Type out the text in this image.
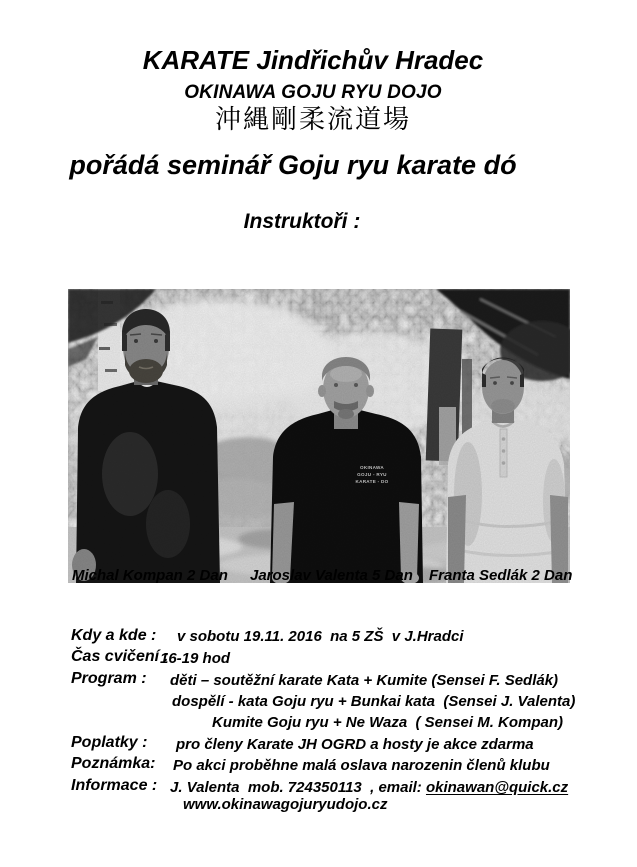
KARATE Jindřichův Hradec
OKINAWA GOJU RYU DOJO
沖縄剛柔流道場
pořádá seminář Goju ryu karate dó
Instruktoři :

OKINAWA
GOJU - RYU
KARATE - DO

Michal Kompan 2 Dan Jaroslav Valenta 5 Dan Franta Sedlák 2 Dan
Kdy a kde : v sobotu 19.11. 2016  na 5 ZŠ  v J.Hradci
Čas cvičení :
16-19 hod
Program : děti – soutěžní karate Kata + Kumite (Sensei F. Sedlák)
dospělí - kata Goju ryu + Bunkai kata  (Sensei J. Valenta)
Kumite Goju ryu + Ne Waza  ( Sensei M. Kompan)
Poplatky : pro členy Karate JH OGRD a hosty je akce zdarma
Poznámka: Po akci proběhne malá oslava narozenin členů klubu
Informace : J. Valenta  mob. 724350113  , email: okinawan@quick.cz
www.okinawagojuryudojo.cz
